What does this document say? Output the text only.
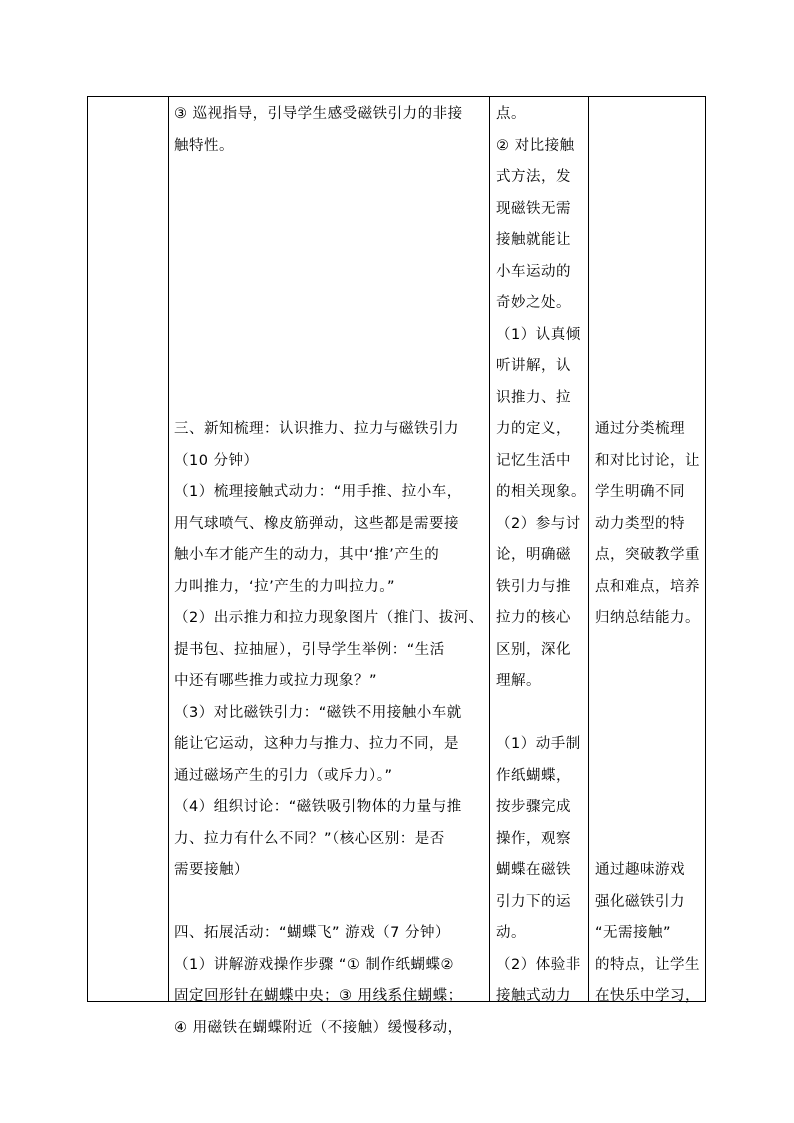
③ 巡视指导，引导学生感受磁铁引力的非接
触特性。
三、新知梳理：认识推力、拉力与磁铁引力
（10 分钟）
（1）梳理接触式动力：“用手推、拉小车，
用气球喷气、橡皮筋弹动，这些都是需要接
触小车才能产生的动力，其中‘推’产生的
力叫推力，‘拉’产生的力叫拉力。”
（2）出示推力和拉力现象图片（推门、拔河、
提书包、拉抽屉），引导学生举例：“生活
中还有哪些推力或拉力现象？”
（3）对比磁铁引力：“磁铁不用接触小车就
能让它运动，这种力与推力、拉力不同，是
通过磁场产生的引力（或斥力）。”
（4）组织讨论：“磁铁吸引物体的力量与推
力、拉力有什么不同？”（核心区别：是否
需要接触）
四、拓展活动：“蝴蝶飞” 游戏（7 分钟）
（1）讲解游戏操作步骤 “① 制作纸蝴蝶②
固定回形针在蝴蝶中央；③ 用线系住蝴蝶；
④ 用磁铁在蝴蝶附近（不接触）缓慢移动，
点。
② 对比接触
式方法，发
现磁铁无需
接触就能让
小车运动的
奇妙之处。
（1）认真倾
听讲解，认
识推力、拉
力的定义，
记忆生活中
的相关现象。
（2）参与讨
论，明确磁
铁引力与推
拉力的核心
区别，深化
理解。
（1）动手制
作纸蝴蝶，
按步骤完成
操作，观察
蝴蝶在磁铁
引力下的运
动。
（2）体验非
接触式动力
通过分类梳理
和对比讨论，让
学生明确不同
动力类型的特
点，突破教学重
点和难点，培养
归纳总结能力。
通过趣味游戏
强化磁铁引力
“无需接触”
的特点，让学生
在快乐中学习，
